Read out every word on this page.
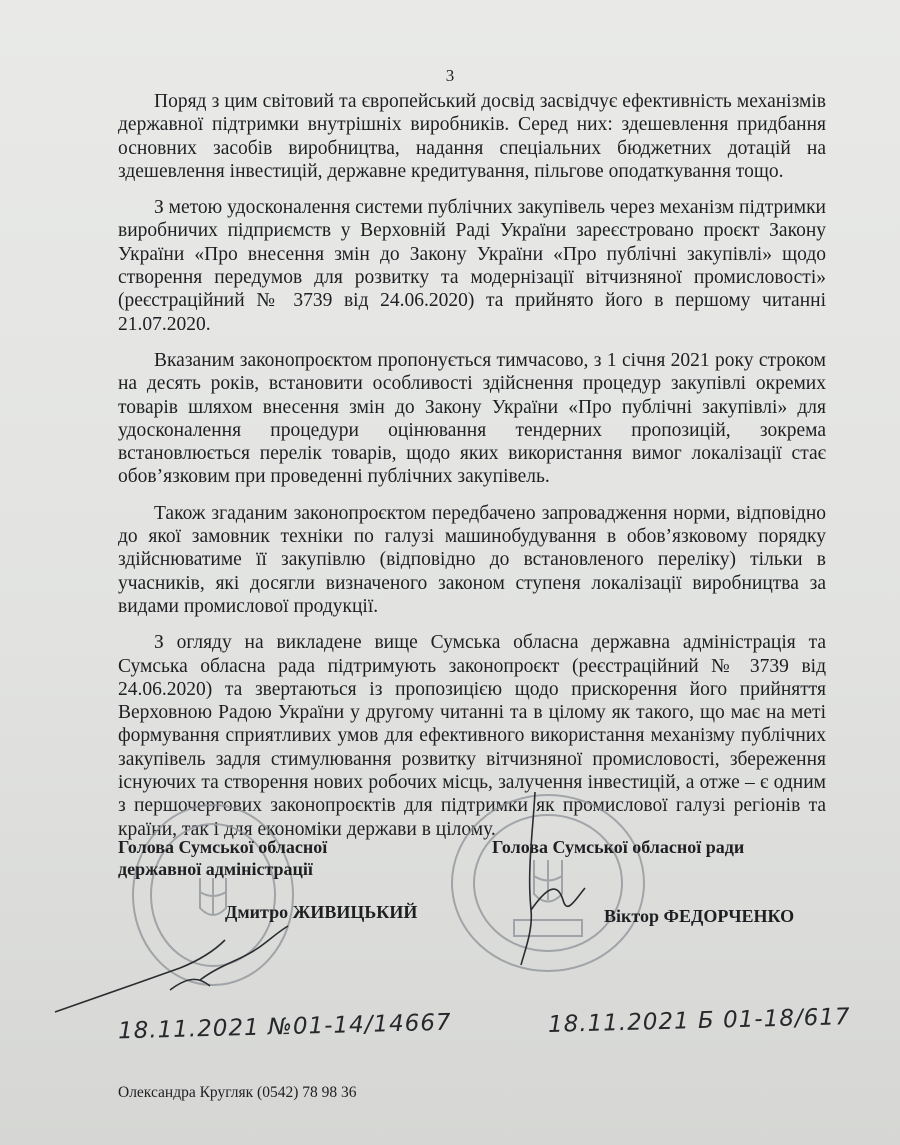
3

Поряд з цим світовий та європейський досвід засвідчує ефективність механізмів державної підтримки внутрішніх виробників. Серед них: здешевлення придбання основних засобів виробництва, надання спеціальних бюджетних дотацій на здешевлення інвестицій, державне кредитування, пільгове оподаткування тощо.

З метою удосконалення системи публічних закупівель через механізм підтримки виробничих підприємств у Верховній Раді України зареєстровано проєкт Закону України «Про внесення змін до Закону України «Про публічні закупівлі» щодо створення передумов для розвитку та модернізації вітчизняної промисловості» (реєстраційний № 3739 від 24.06.2020) та прийнято його в першому читанні 21.07.2020.

Вказаним законопроєктом пропонується тимчасово, з 1 січня 2021 року строком на десять років, встановити особливості здійснення процедур закупівлі окремих товарів шляхом внесення змін до Закону України «Про публічні закупівлі» для удосконалення процедури оцінювання тендерних пропозицій, зокрема встановлюється перелік товарів, щодо яких використання вимог локалізації стає обов’язковим при проведенні публічних закупівель.

Також згаданим законопроєктом передбачено запровадження норми, відповідно до якої замовник техніки по галузі машинобудування в обов’язковому порядку здійснюватиме її закупівлю (відповідно до встановленого переліку) тільки в учасників, які досягли визначеного законом ступеня локалізації виробництва за видами промислової продукції.

З огляду на викладене вище Сумська обласна державна адміністрація та Сумська обласна рада підтримують законопроєкт (реєстраційний № 3739 від 24.06.2020) та звертаються із пропозицією щодо прискорення його прийняття Верховною Радою України у другому читанні та в цілому як такого, що має на меті формування сприятливих умов для ефективного використання механізму публічних закупівель задля стимулювання розвитку вітчизняної промисловості, збереження існуючих та створення нових робочих місць, залучення інвестицій, а отже – є одним з першочергових законопроєктів для підтримки як промислової галузі регіонів та країни, так і для економіки держави в цілому.

Голова Сумської обласної
державної адміністрації
Дмитро ЖИВИЦЬКИЙ
Голова Сумської обласної ради
Віктор ФЕДОРЧЕНКО
18.11.2021 №01-14/14667	18.11.2021 Б 01-18/617
Олександра Кругляк (0542) 78 98 36
